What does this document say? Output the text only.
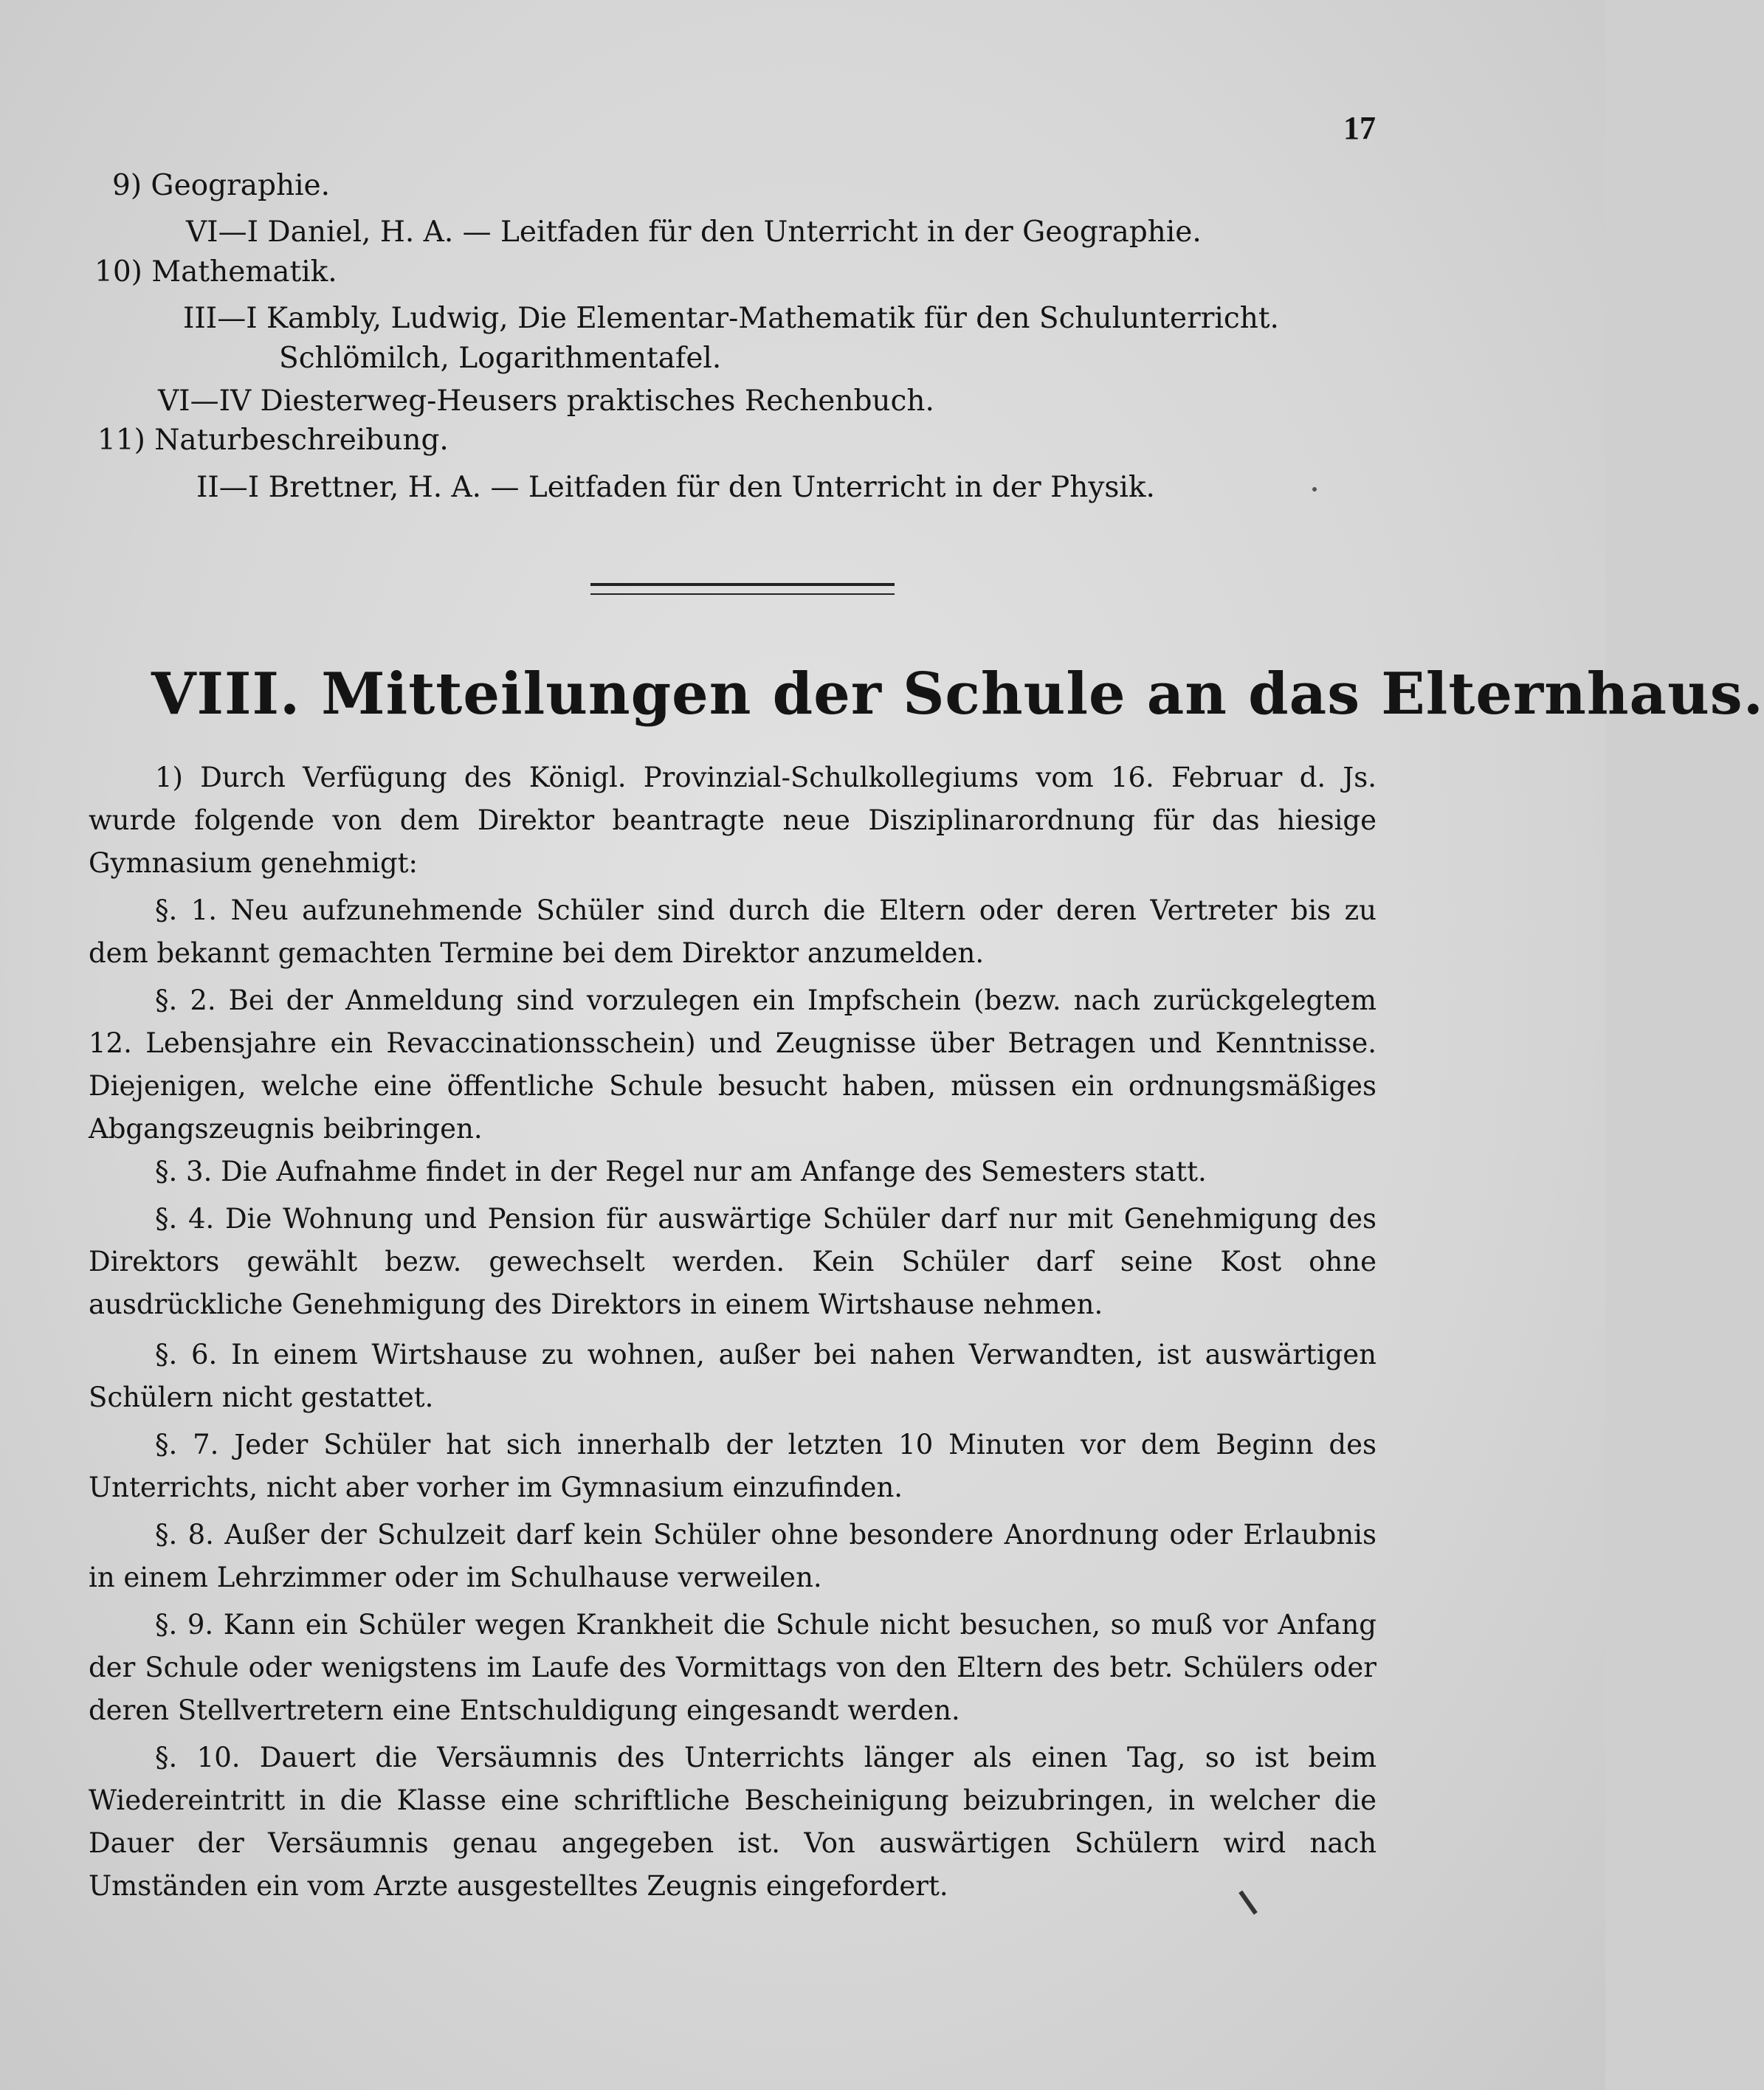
17
9) Geographie.
VI—I Daniel, H. A. — Leitfaden für den Unterricht in der Geographie.
10) Mathematik.
III—I Kambly, Ludwig, Die Elementar-Mathematik für den Schulunterricht.
Schlömilch, Logarithmentafel.
VI—IV Diesterweg-Heusers praktisches Rechenbuch.
11) Naturbeschreibung.
II—I Brettner, H. A. — Leitfaden für den Unterricht in der Physik.
VIII. Mitteilungen der Schule an das Elternhaus.
1) Durch Verfügung des Königl. Provinzial-Schulkollegiums vom 16. Februar d. Js. wurde folgende von dem Direktor beantragte neue Disziplinarordnung für das hiesige Gymnasium genehmigt:
§. 1. Neu aufzunehmende Schüler sind durch die Eltern oder deren Vertreter bis zu dem bekannt gemachten Termine bei dem Direktor anzumelden.
§. 2. Bei der Anmeldung sind vorzulegen ein Impfschein (bezw. nach zurückgelegtem 12. Lebensjahre ein Revaccinationsschein) und Zeugnisse über Betragen und Kenntnisse. Diejenigen, welche eine öffentliche Schule besucht haben, müssen ein ordnungsmäßiges Abgangszeugnis beibringen.
§. 3. Die Aufnahme findet in der Regel nur am Anfange des Semesters statt.
§. 4. Die Wohnung und Pension für auswärtige Schüler darf nur mit Genehmigung des Direktors gewählt bezw. gewechselt werden. Kein Schüler darf seine Kost ohne ausdrückliche Genehmigung des Direktors in einem Wirtshause nehmen.
§. 6. In einem Wirtshause zu wohnen, außer bei nahen Verwandten, ist auswärtigen Schülern nicht gestattet.
§. 7. Jeder Schüler hat sich innerhalb der letzten 10 Minuten vor dem Beginn des Unterrichts, nicht aber vorher im Gymnasium einzufinden.
§. 8. Außer der Schulzeit darf kein Schüler ohne besondere Anordnung oder Erlaubnis in einem Lehrzimmer oder im Schulhause verweilen.
§. 9. Kann ein Schüler wegen Krankheit die Schule nicht besuchen, so muß vor Anfang der Schule oder wenigstens im Laufe des Vormittags von den Eltern des betr. Schülers oder deren Stellvertretern eine Entschuldigung eingesandt werden.
§. 10. Dauert die Versäumnis des Unterrichts länger als einen Tag, so ist beim Wiedereintritt in die Klasse eine schriftliche Bescheinigung beizubringen, in welcher die Dauer der Versäumnis genau angegeben ist. Von auswärtigen Schülern wird nach Umständen ein vom Arzte ausgestelltes Zeugnis eingefordert.
